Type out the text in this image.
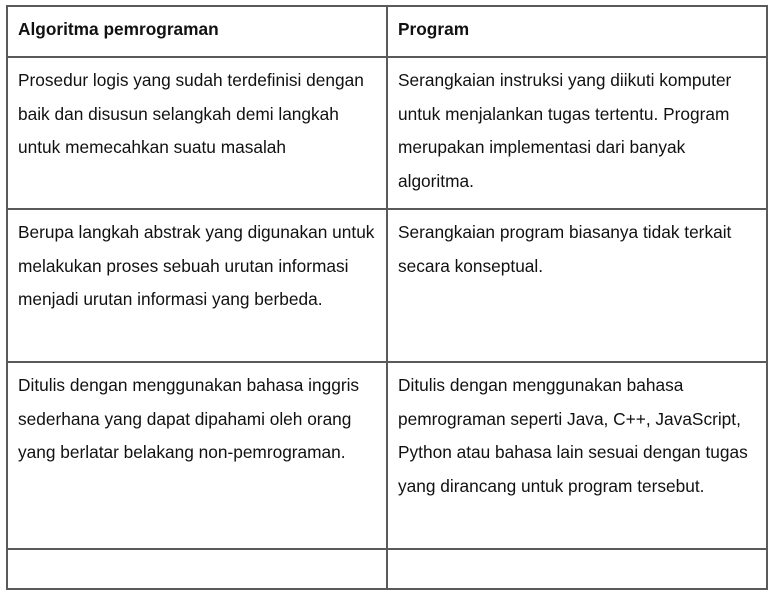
Algoritma pemrograman	Program
Prosedur logis yang sudah terdefinisi dengan baik dan disusun selangkah demi langkah untuk memecahkan suatu masalah	Serangkaian instruksi yang diikuti komputer untuk menjalankan tugas tertentu. Program merupakan implementasi dari banyak algoritma.
Berupa langkah abstrak yang digunakan untuk melakukan proses sebuah urutan informasi menjadi urutan informasi yang berbeda.	Serangkaian program biasanya tidak terkait secara konseptual.
Ditulis dengan menggunakan bahasa inggris sederhana yang dapat dipahami oleh orang yang berlatar belakang non-pemrograman.	Ditulis dengan menggunakan bahasa pemrograman seperti Java, C++, JavaScript, Python atau bahasa lain sesuai dengan tugas yang dirancang untuk program tersebut.
